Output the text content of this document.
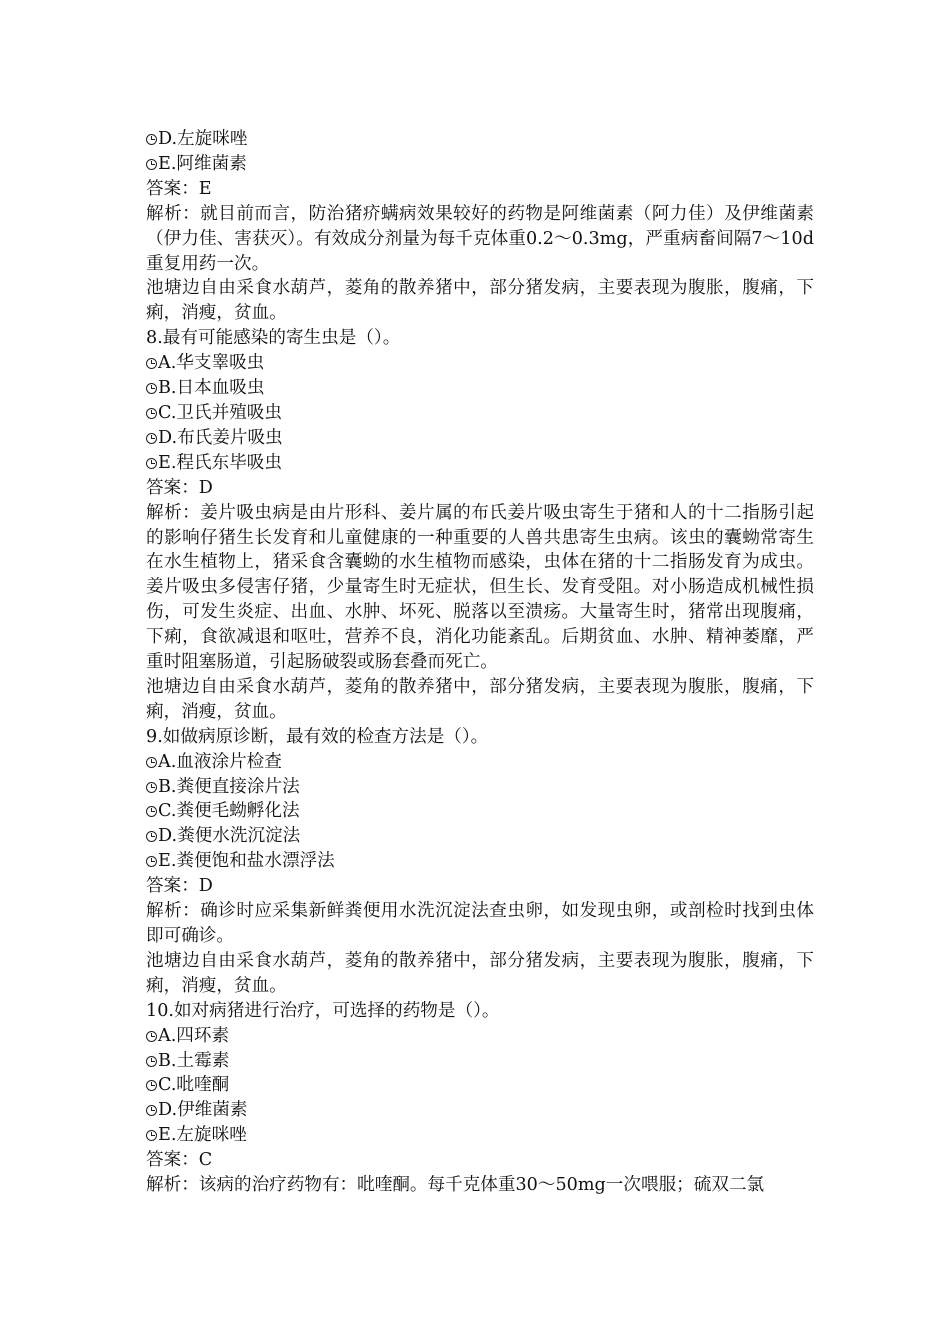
D.左旋咪唑
E.阿维菌素
答案：E
解析：就目前而言，防治猪疥螨病效果较好的药物是阿维菌素（阿力佳）及伊维菌素（伊力佳、害获灭）。有效成分剂量为每千克体重0.2～0.3mg，严重病畜间隔7～10d重复用药一次。
池塘边自由采食水葫芦，菱角的散养猪中，部分猪发病，主要表现为腹胀，腹痛，下痢，消瘦，贫血。
8.最有可能感染的寄生虫是（）。
A.华支睾吸虫
B.日本血吸虫
C.卫氏并殖吸虫
D.布氏姜片吸虫
E.程氏东毕吸虫
答案：D
解析：姜片吸虫病是由片形科、姜片属的布氏姜片吸虫寄生于猪和人的十二指肠引起的影响仔猪生长发育和儿童健康的一种重要的人兽共患寄生虫病。该虫的囊蚴常寄生在水生植物上，猪采食含囊蚴的水生植物而感染，虫体在猪的十二指肠发育为成虫。姜片吸虫多侵害仔猪，少量寄生时无症状，但生长、发育受阻。对小肠造成机械性损伤，可发生炎症、出血、水肿、坏死、脱落以至溃疡。大量寄生时，猪常出现腹痛，下痢，食欲减退和呕吐，营养不良，消化功能紊乱。后期贫血、水肿、精神萎靡，严重时阻塞肠道，引起肠破裂或肠套叠而死亡。
池塘边自由采食水葫芦，菱角的散养猪中，部分猪发病，主要表现为腹胀，腹痛，下痢，消瘦，贫血。
9.如做病原诊断，最有效的检查方法是（）。
A.血液涂片检查
B.粪便直接涂片法
C.粪便毛蚴孵化法
D.粪便水洗沉淀法
E.粪便饱和盐水漂浮法
答案：D
解析：确诊时应采集新鲜粪便用水洗沉淀法查虫卵，如发现虫卵，或剖检时找到虫体即可确诊。
池塘边自由采食水葫芦，菱角的散养猪中，部分猪发病，主要表现为腹胀，腹痛，下痢，消瘦，贫血。
10.如对病猪进行治疗，可选择的药物是（）。
A.四环素
B.土霉素
C.吡喹酮
D.伊维菌素
E.左旋咪唑
答案：C
解析：该病的治疗药物有：吡喹酮。每千克体重30～50mg一次喂服；硫双二氯
